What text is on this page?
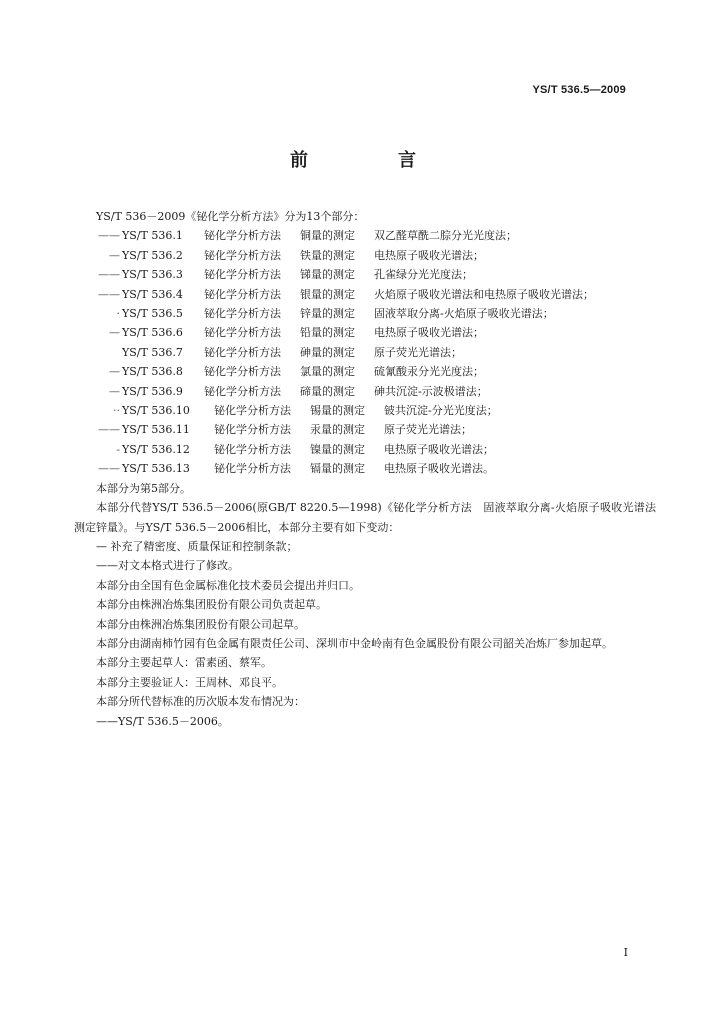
YS/T 536.5—2009
前　言
YS/T 536－2009《铋化学分析方法》分为13个部分：
—— YS/T 536.1	铋化学分析方法	铜量的测定	双乙醛草酰二腙分光光度法；
— YS/T 536.2	铋化学分析方法	铁量的测定	电热原子吸收光谱法；
—— YS/T 536.3	铋化学分析方法	锑量的测定	孔雀绿分光光度法；
—— YS/T 536.4	铋化学分析方法	银量的测定	火焰原子吸收光谱法和电热原子吸收光谱法；
· YS/T 536.5	铋化学分析方法	锌量的测定	固液萃取分离-火焰原子吸收光谱法；
— YS/T 536.6	铋化学分析方法	铅量的测定	电热原子吸收光谱法；
YS/T 536.7	铋化学分析方法	砷量的测定	原子荧光光谱法；
— YS/T 536.8	铋化学分析方法	氯量的测定	硫氰酸汞分光光度法；
— YS/T 536.9	铋化学分析方法	碲量的测定	砷共沉淀-示波极谱法；
·· YS/T 536.10	铋化学分析方法	锡量的测定	铍共沉淀-分光光度法；
—— YS/T 536.11	铋化学分析方法	汞量的测定	原子荧光光谱法；
- YS/T 536.12	铋化学分析方法	镍量的测定	电热原子吸收光谱法；
—— YS/T 536.13	铋化学分析方法	镉量的测定	电热原子吸收光谱法。
本部分为第5部分。
本部分代替YS/T 536.5－2006(原GB/T 8220.5—1998)《铋化学分析方法　固液萃取分离-火焰原子吸收光谱法测定锌量》。与YS/T 536.5－2006相比，本部分主要有如下变动：
— 补充了精密度、质量保证和控制条款；
——对文本格式进行了修改。
本部分由全国有色金属标准化技术委员会提出并归口。
本部分由株洲冶炼集团股份有限公司负责起草。
本部分由株洲冶炼集团股份有限公司起草。
本部分由湖南柿竹园有色金属有限责任公司、深圳市中金岭南有色金属股份有限公司韶关冶炼厂参加起草。
本部分主要起草人：雷素函、蔡军。
本部分主要验证人：王周林、邓良平。
本部分所代替标准的历次版本发布情况为：
——YS/T 536.5－2006。
I
